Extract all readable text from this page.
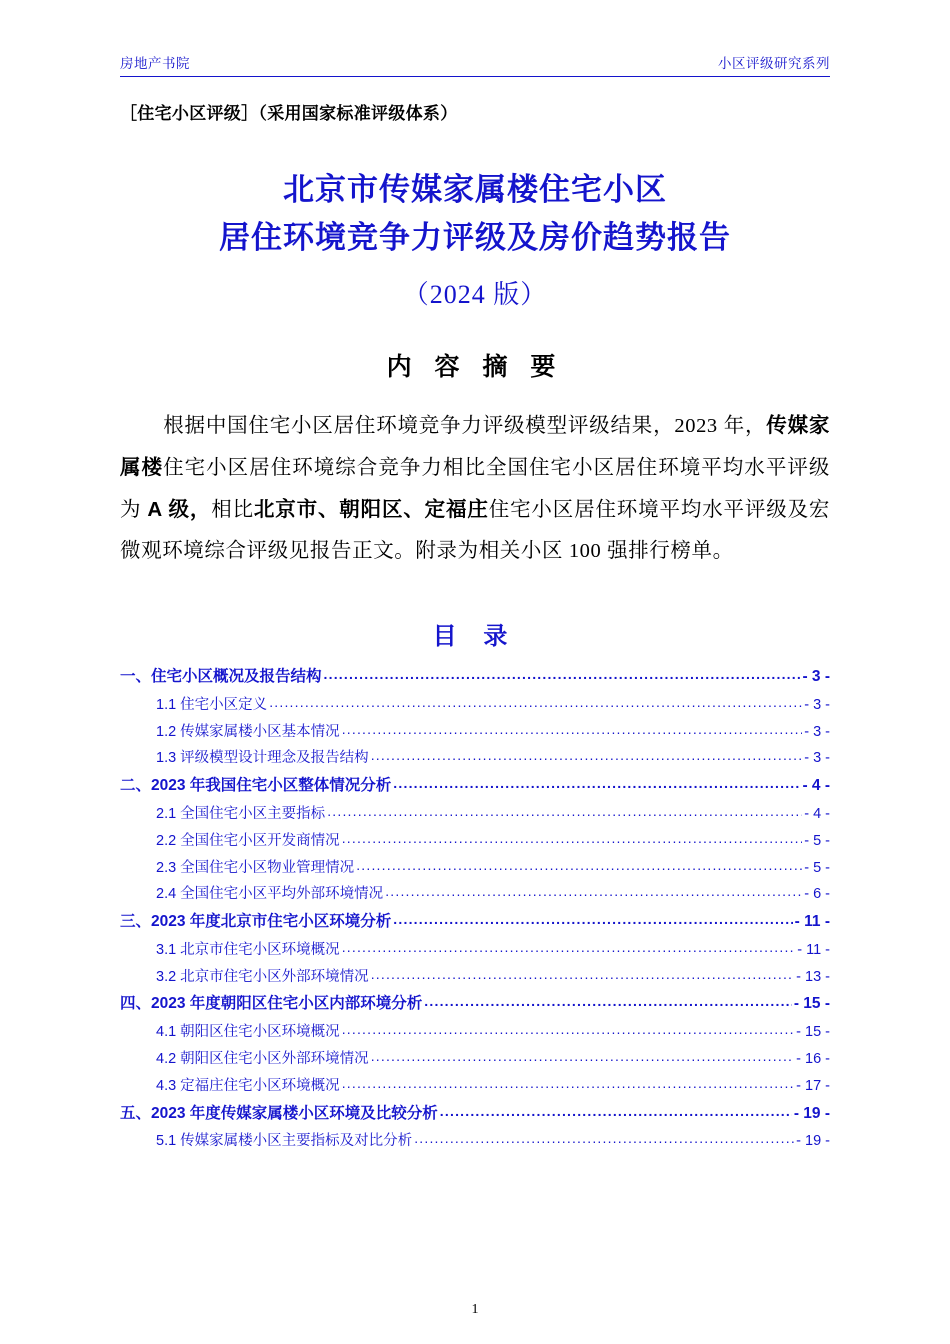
房地产书院	小区评级研究系列
［住宅小区评级］（采用国家标准评级体系）
北京市传媒家属楼住宅小区
居住环境竞争力评级及房价趋势报告
（2024 版）
内 容 摘 要
根据中国住宅小区居住环境竞争力评级模型评级结果，2023 年，传媒家属楼住宅小区居住环境综合竞争力相比全国住宅小区居住环境平均水平评级为 A 级，相比北京市、朝阳区、定福庄住宅小区居住环境平均水平评级及宏微观环境综合评级见报告正文。附录为相关小区 100 强排行榜单。
目 录
一、住宅小区概况及报告结构 .....	- 3 -
1.1 住宅小区定义 .....	- 3 -
1.2 传媒家属楼小区基本情况 .....	- 3 -
1.3 评级模型设计理念及报告结构 .....	- 3 -
二、2023 年我国住宅小区整体情况分析 .....	- 4 -
2.1 全国住宅小区主要指标 .....	- 4 -
2.2 全国住宅小区开发商情况 .....	- 5 -
2.3 全国住宅小区物业管理情况 .....	- 5 -
2.4 全国住宅小区平均外部环境情况 .....	- 6 -
三、2023 年度北京市住宅小区环境分析 .....	- 11 -
3.1 北京市住宅小区环境概况 .....	- 11 -
3.2 北京市住宅小区外部环境情况 .....	- 13 -
四、2023 年度朝阳区住宅小区内部环境分析 .....	- 15 -
4.1 朝阳区住宅小区环境概况 .....	- 15 -
4.2 朝阳区住宅小区外部环境情况 .....	- 16 -
4.3 定福庄住宅小区环境概况 .....	- 17 -
五、2023 年度传媒家属楼小区环境及比较分析 .....	- 19 -
5.1 传媒家属楼小区主要指标及对比分析 .....	- 19 -
1
